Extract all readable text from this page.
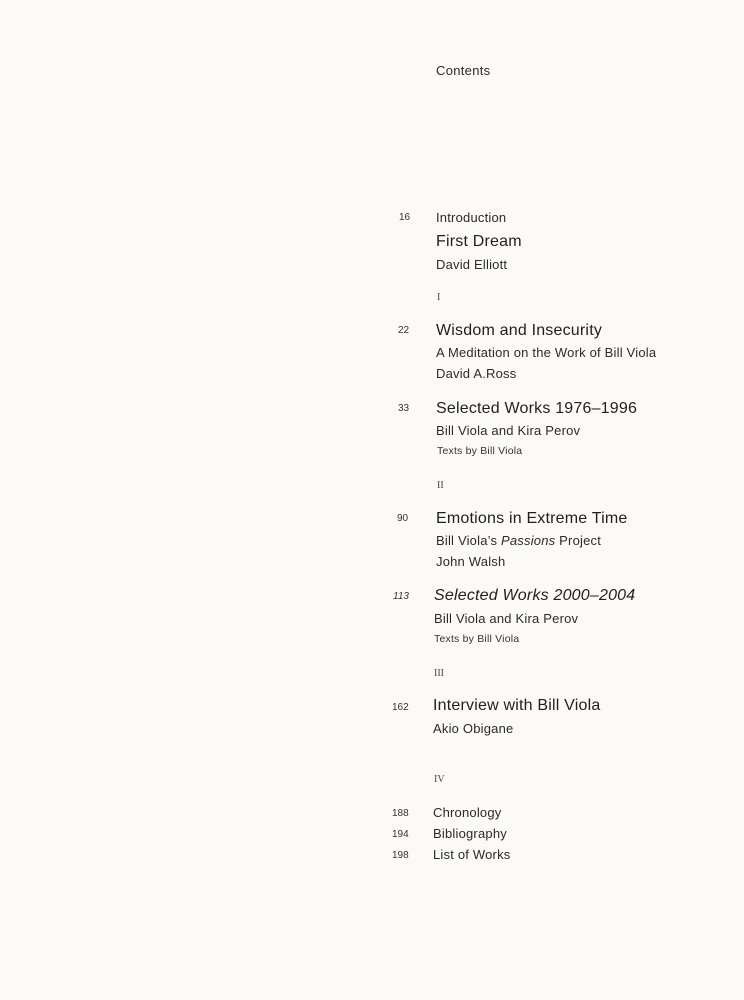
Contents
16 Introduction
First Dream
David Elliott
I
22 Wisdom and Insecurity
A Meditation on the Work of Bill Viola
David A.Ross
33 Selected Works 1976–1996
Bill Viola and Kira Perov
Texts by Bill Viola
II
90 Emotions in Extreme Time
Bill Viola’s Passions Project
John Walsh
113 Selected Works 2000–2004
Bill Viola and Kira Perov
Texts by Bill Viola
III
162 Interview with Bill Viola
Akio Obigane
IV
188 Chronology
194 Bibliography
198 List of Works
